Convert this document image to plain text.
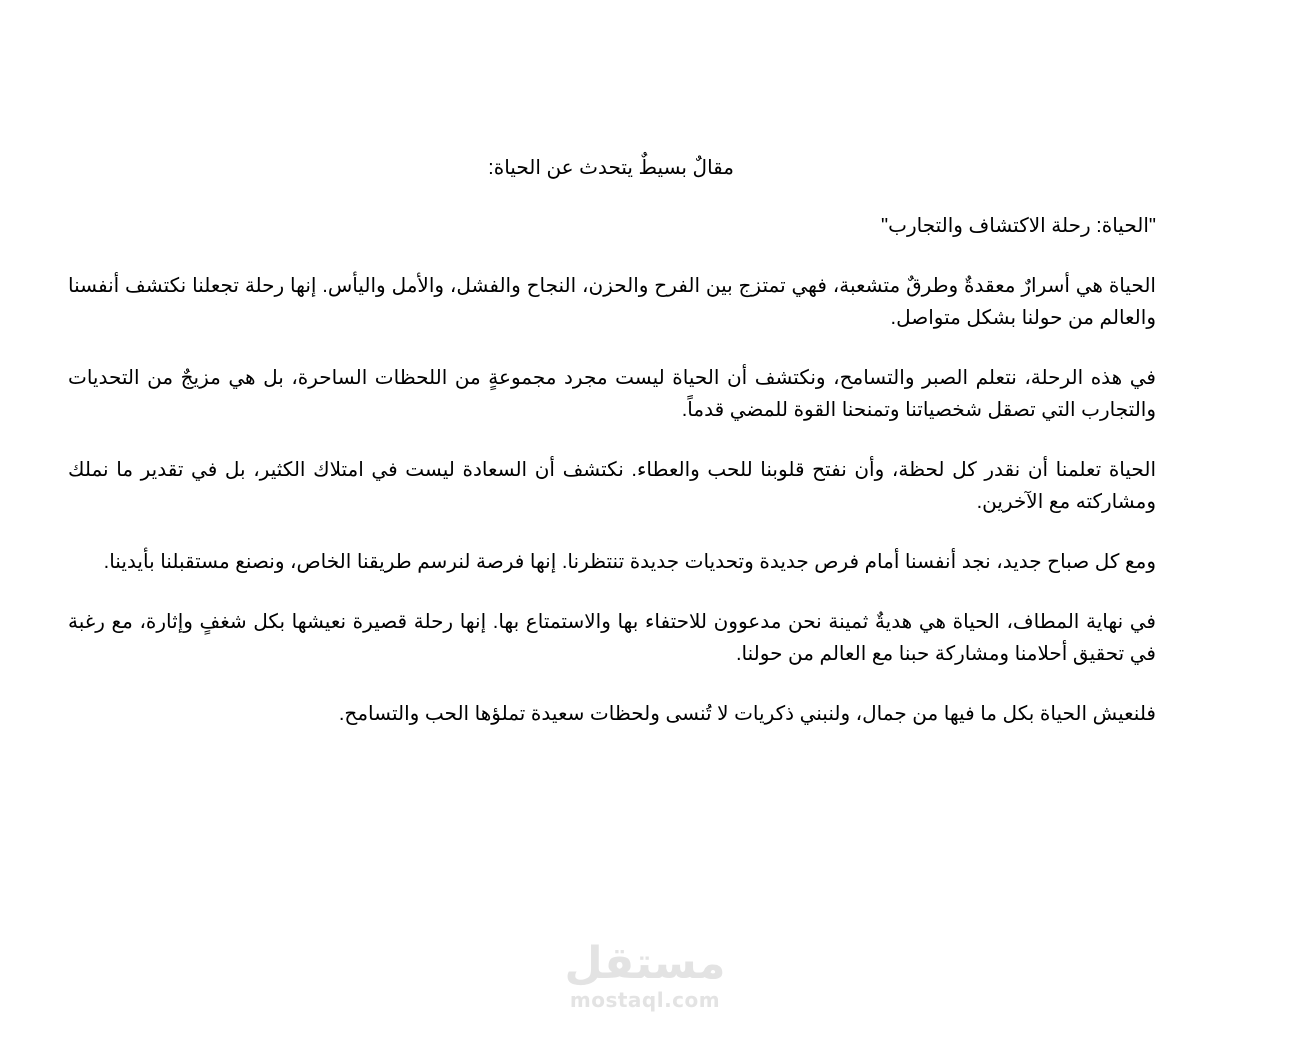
مقالٌ بسيطٌ يتحدث عن الحياة:

"الحياة: رحلة الاكتشاف والتجارب"

الحياة هي أسرارٌ معقدةٌ وطرقٌ متشعبة، فهي تمتزج بين الفرح والحزن، النجاح والفشل، والأمل واليأس. إنها رحلة تجعلنا نكتشف أنفسنا والعالم من حولنا بشكل متواصل.

في هذه الرحلة، نتعلم الصبر والتسامح، ونكتشف أن الحياة ليست مجرد مجموعةٍ من اللحظات الساحرة، بل هي مزيجٌ من التحديات والتجارب التي تصقل شخصياتنا وتمنحنا القوة للمضي قدماً.

الحياة تعلمنا أن نقدر كل لحظة، وأن نفتح قلوبنا للحب والعطاء. نكتشف أن السعادة ليست في امتلاك الكثير، بل في تقدير ما نملك ومشاركته مع الآخرين.

ومع كل صباح جديد، نجد أنفسنا أمام فرص جديدة وتحديات جديدة تنتظرنا. إنها فرصة لنرسم طريقنا الخاص، ونصنع مستقبلنا بأيدينا.

في نهاية المطاف، الحياة هي هديةٌ ثمينة نحن مدعوون للاحتفاء بها والاستمتاع بها. إنها رحلة قصيرة نعيشها بكل شغفٍ وإثارة، مع رغبة في تحقيق أحلامنا ومشاركة حبنا مع العالم من حولنا.

فلنعيش الحياة بكل ما فيها من جمال، ولنبني ذكريات لا تُنسى ولحظات سعيدة تملؤها الحب والتسامح.

مستقل
mostaql.com
